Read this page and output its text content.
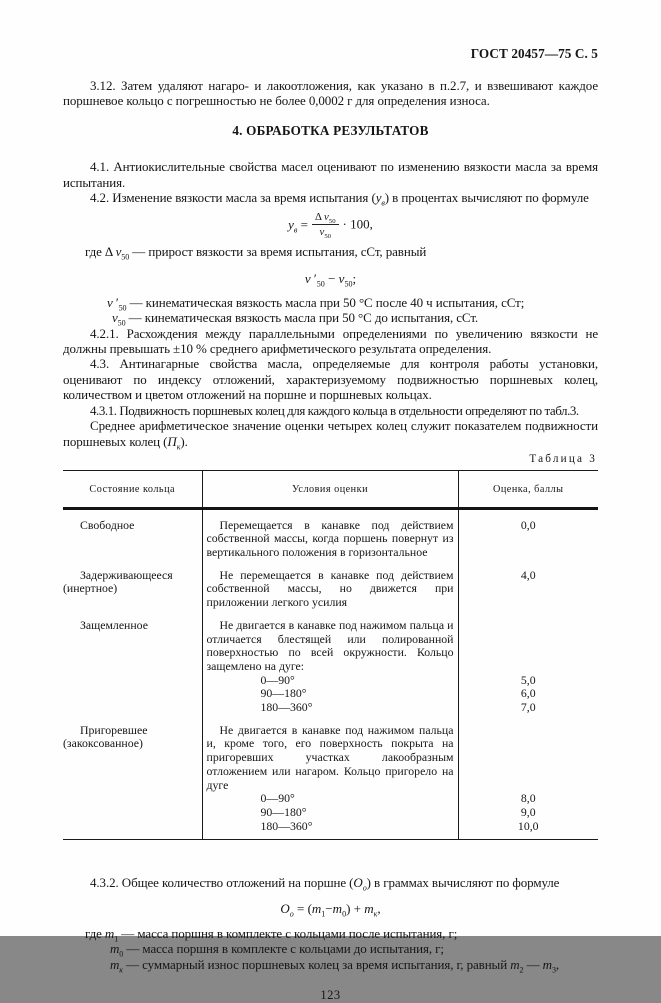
ГОСТ 20457—75 С. 5

3.12. Затем удаляют нагаро- и лакоотложения, как указано в п.2.7, и взвешивают каждое поршневое кольцо с погрешностью не более 0,0002 г для определения износа.

4. ОБРАБОТКА РЕЗУЛЬТАТОВ

4.1. Антиокислительные свойства масел оценивают по изменению вязкости масла за время испытания.

4.2. Изменение вязкости масла за время испытания $(y_в)$ в процентах вычисляют по формуле

$y_в = \frac{\Delta v_{50}}{v_{50}} \cdot 100$,

где Δ $v_{50}$ — прирост вязкости за время испытания, сСт, равный

v $'_{50} - v_{50}$;

v $'_{50}$ — кинематическая вязкость масла при 50 °С после 40 ч испытания, сСт;

$v_{50}$ — кинематическая вязкость масла при 50 °С до испытания, сСт.

4.2.1. Расхождения между параллельными определениями по увеличению вязкости не должны превышать ±10 % среднего арифметического результата определения.

4.3. Антинагарные свойства масла, определяемые для контроля работы установки, оценивают по индексу отложений, характеризуемому подвижностью поршневых колец, количеством и цветом отложений на поршне и поршневых кольцах.

4.3.1. Подвижность поршневых колец для каждого кольца в отдельности определяют по табл.3.

Среднее арифметическое значение оценки четырех колец служит показателем подвижности поршневых колец $(П_к)$.

Таблица 3
Состояние кольца	Условия оценки	Оценка, баллы
Свободное	Перемещается в канавке под действием собственной массы, когда поршень повернут из вертикального положения в горизонтальное	0,0
Задерживающееся (инертное)	Не перемещается в канавке под действием собственной массы, но движется при приложении легкого усилия	4,0
Защемленное	Не двигается в канавке под нажимом пальца и отличается блестящей или полированной поверхностью по всей окружности. Кольцо защемлено на дуге:	
	0—90°	5,0
	90—180°	6,0
	180—360°	7,0
Пригоревшее (закоксованное)	Не двигается в канавке под нажимом пальца и, кроме того, его поверхность покрыта на пригоревших участках лакообразным отложением или нагаром. Кольцо пригорело на дуге	
	0—90°	8,0
	90—180°	9,0
	180—360°	10,0

4.3.2. Общее количество отложений на поршне $(О_о)$ в граммах вычисляют по формуле

$О_о = (m_1-m_0) + m_к$,

где $m_1$ — масса поршня в комплекте с кольцами после испытания, г;

$m_0$ — масса поршня в комплекте с кольцами до испытания, г;

$m_к$ — суммарный износ поршневых колец за время испытания, г, равный $m_2$ — $m_3$,

123
